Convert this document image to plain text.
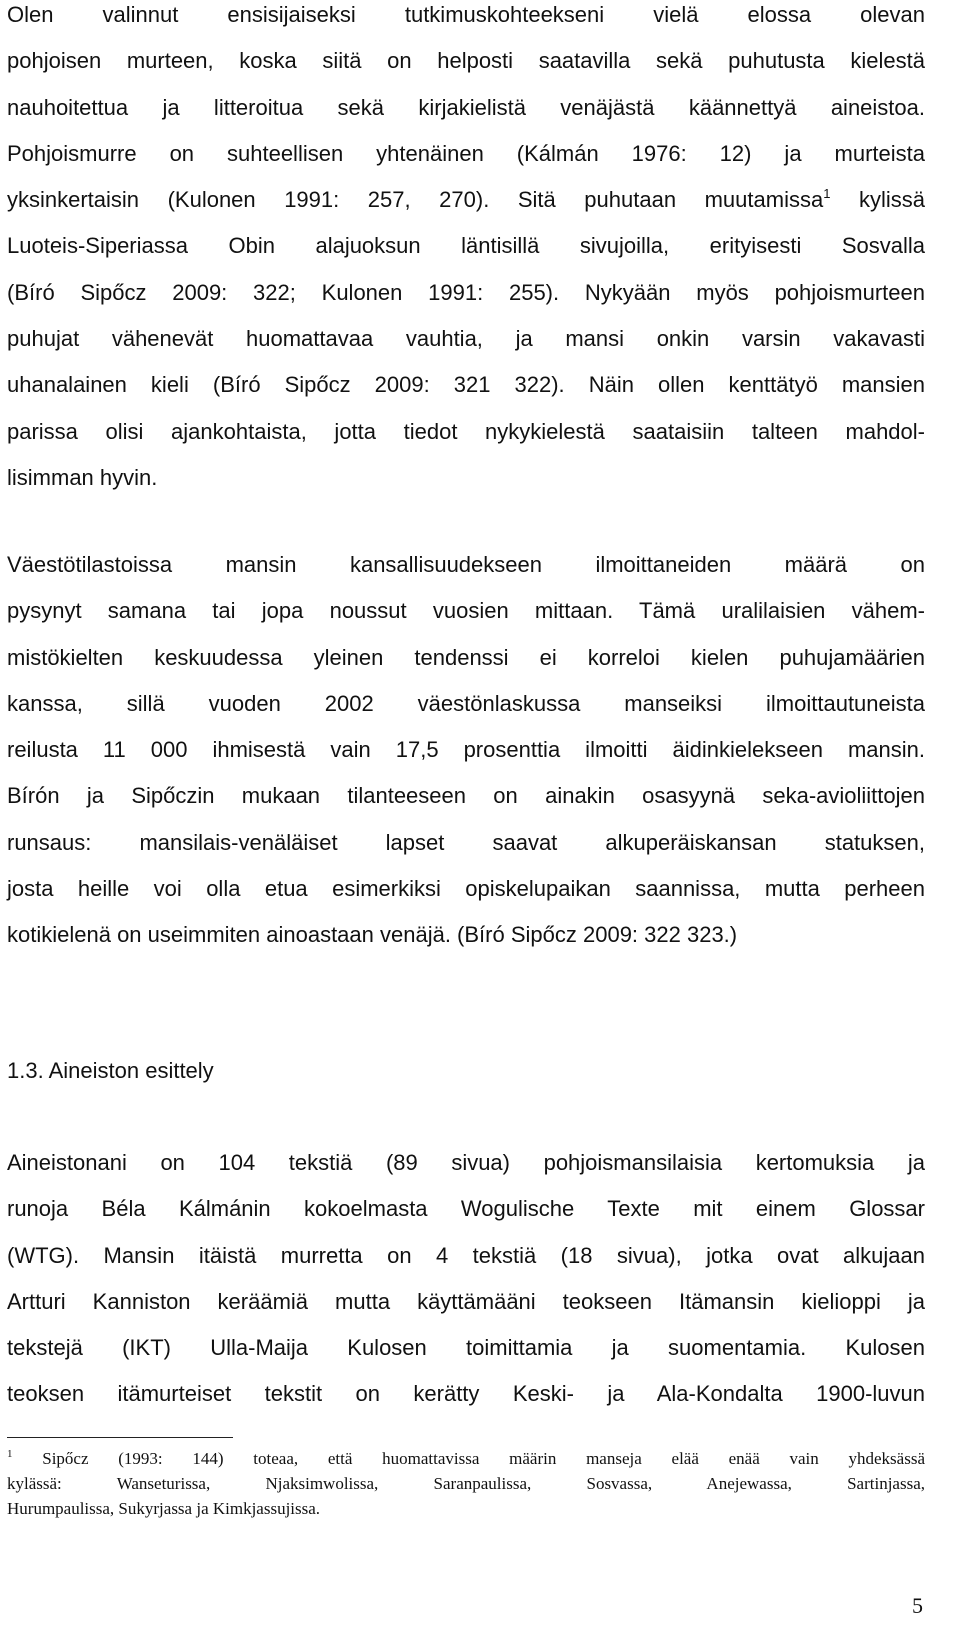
Olen valinnut ensisijaiseksi tutkimuskohteekseni vielä elossa olevan
pohjoisen murteen, koska siitä on helposti saatavilla sekä puhutusta kielestä
nauhoitettua ja litteroitua sekä kirjakielistä venäjästä käännettyä aineistoa.
Pohjoismurre on suhteellisen yhtenäinen (Kálmán 1976: 12) ja murteista
yksinkertaisin (Kulonen 1991: 257, 270). Sitä puhutaan muutamissa$^1$ kylissä
Luoteis-Siperiassa Obin alajuoksun läntisillä sivujoilla, erityisesti Sosvalla
(Bíró Sipőcz 2009: 322; Kulonen 1991: 255). Nykyään myös pohjoismurteen
puhujat vähenevät huomattavaa vauhtia, ja mansi onkin varsin vakavasti
uhanalainen kieli (Bíró Sipőcz 2009: 321 322). Näin ollen kenttätyö mansien
parissa olisi ajankohtaista, jotta tiedot nykykielestä saataisiin talteen mahdol-
lisimman hyvin.
Väestötilastoissa mansin kansallisuudekseen ilmoittaneiden määrä on
pysynyt samana tai jopa noussut vuosien mittaan. Tämä uralilaisien vähem-
mistökielten keskuudessa yleinen tendenssi ei korreloi kielen puhujamäärien
kanssa, sillä vuoden 2002 väestönlaskussa manseiksi ilmoittautuneista
reilusta 11 000 ihmisestä vain 17,5 prosenttia ilmoitti äidinkielekseen mansin.
Bírón ja Sipőczin mukaan tilanteeseen on ainakin osasyynä seka-avioliittojen
runsaus: mansilais-venäläiset lapset saavat alkuperäiskansan statuksen,
josta heille voi olla etua esimerkiksi opiskelupaikan saannissa, mutta perheen
kotikielenä on useimmiten ainoastaan venäjä. (Bíró Sipőcz 2009: 322 323.)
1.3. Aineiston esittely
Aineistonani on 104 tekstiä (89 sivua) pohjoismansilaisia kertomuksia ja
runoja Béla Kálmánin kokoelmasta Wogulische Texte mit einem Glossar
(WTG). Mansin itäistä murretta on 4 tekstiä (18 sivua), jotka ovat alkujaan
Artturi Kanniston keräämiä mutta käyttämääni teokseen Itämansin kielioppi ja
tekstejä (IKT) Ulla-Maija Kulosen toimittamia ja suomentamia. Kulosen
teoksen itämurteiset tekstit on kerätty Keski- ja Ala-Kondalta 1900-luvun
$^1$ Sipőcz (1993: 144) toteaa, että huomattavissa määrin manseja elää enää vain yhdeksässä
kylässä: Wanseturissa, Njaksimwolissa, Saranpaulissa, Sosvassa, Anejewassa, Sartinjassa,
Hurumpaulissa, Sukyrjassa ja Kimkjassujissa.
5
